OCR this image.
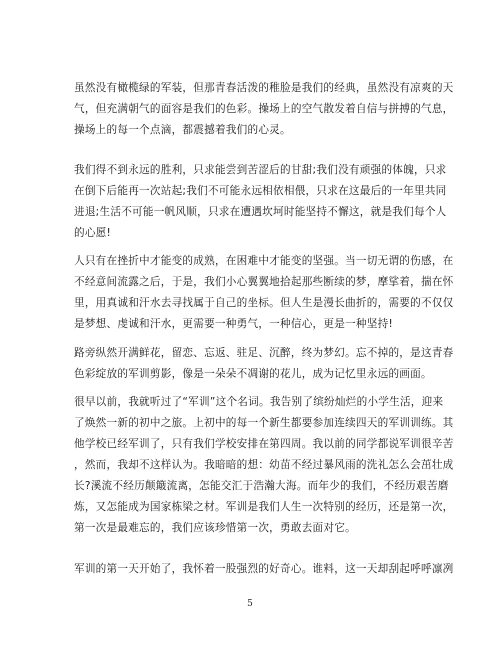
虽然没有橄榄绿的军装，但那青春活泼的稚脸是我们的经典，虽然没有凉爽的天
气，但充满朝气的面容是我们的色彩。操场上的空气散发着自信与拼搏的气息，
操场上的每一个点滴，都震撼着我们的心灵。
我们得不到永远的胜利，只求能尝到苦涩后的甘甜;我们没有顽强的体魄，只求
在倒下后能再一次站起;我们不可能永远相依相偎，只求在这最后的一年里共同
进退;生活不可能一帆风顺，只求在遭遇坎坷时能坚持不懈这，就是我们每个人
的心愿!
人只有在挫折中才能变的成熟，在困难中才能变的坚强。当一切无谓的伤感，在
不经意间流露之后，于是，我们小心翼翼地拾起那些断续的梦，摩挲着，揣在怀
里，用真诚和汗水去寻找属于自己的坐标。但人生是漫长曲折的，需要的不仅仅
是梦想、虔诚和汗水，更需要一种勇气，一种信心，更是一种坚持!
路旁纵然开满鲜花，留恋、忘返、驻足、沉醉，终为梦幻。忘不掉的，是这青春
色彩绽放的军训剪影，像是一朵朵不凋谢的花儿，成为记忆里永远的画面。
很早以前，我就听过了“军训”这个名词。我告别了缤纷灿烂的小学生活，迎来
了焕然一新的初中之旅。上初中的每一个新生都要参加连续四天的军训训练。其
他学校已经军训了，只有我们学校安排在第四周。我以前的同学都说军训很辛苦
，然而，我却不这样认为。我暗暗的想：幼苗不经过暴风雨的洗礼怎么会茁壮成
长?溪流不经历颠簸流离，怎能交汇于浩瀚大海。而年少的我们，不经历艰苦磨
炼，又怎能成为国家栋梁之材。军训是我们人生一次特别的经历，还是第一次，
第一次是最难忘的，我们应该珍惜第一次，勇敢去面对它。
军训的第一天开始了，我怀着一股强烈的好奇心。谁料，这一天却刮起呼呼凛冽
5
